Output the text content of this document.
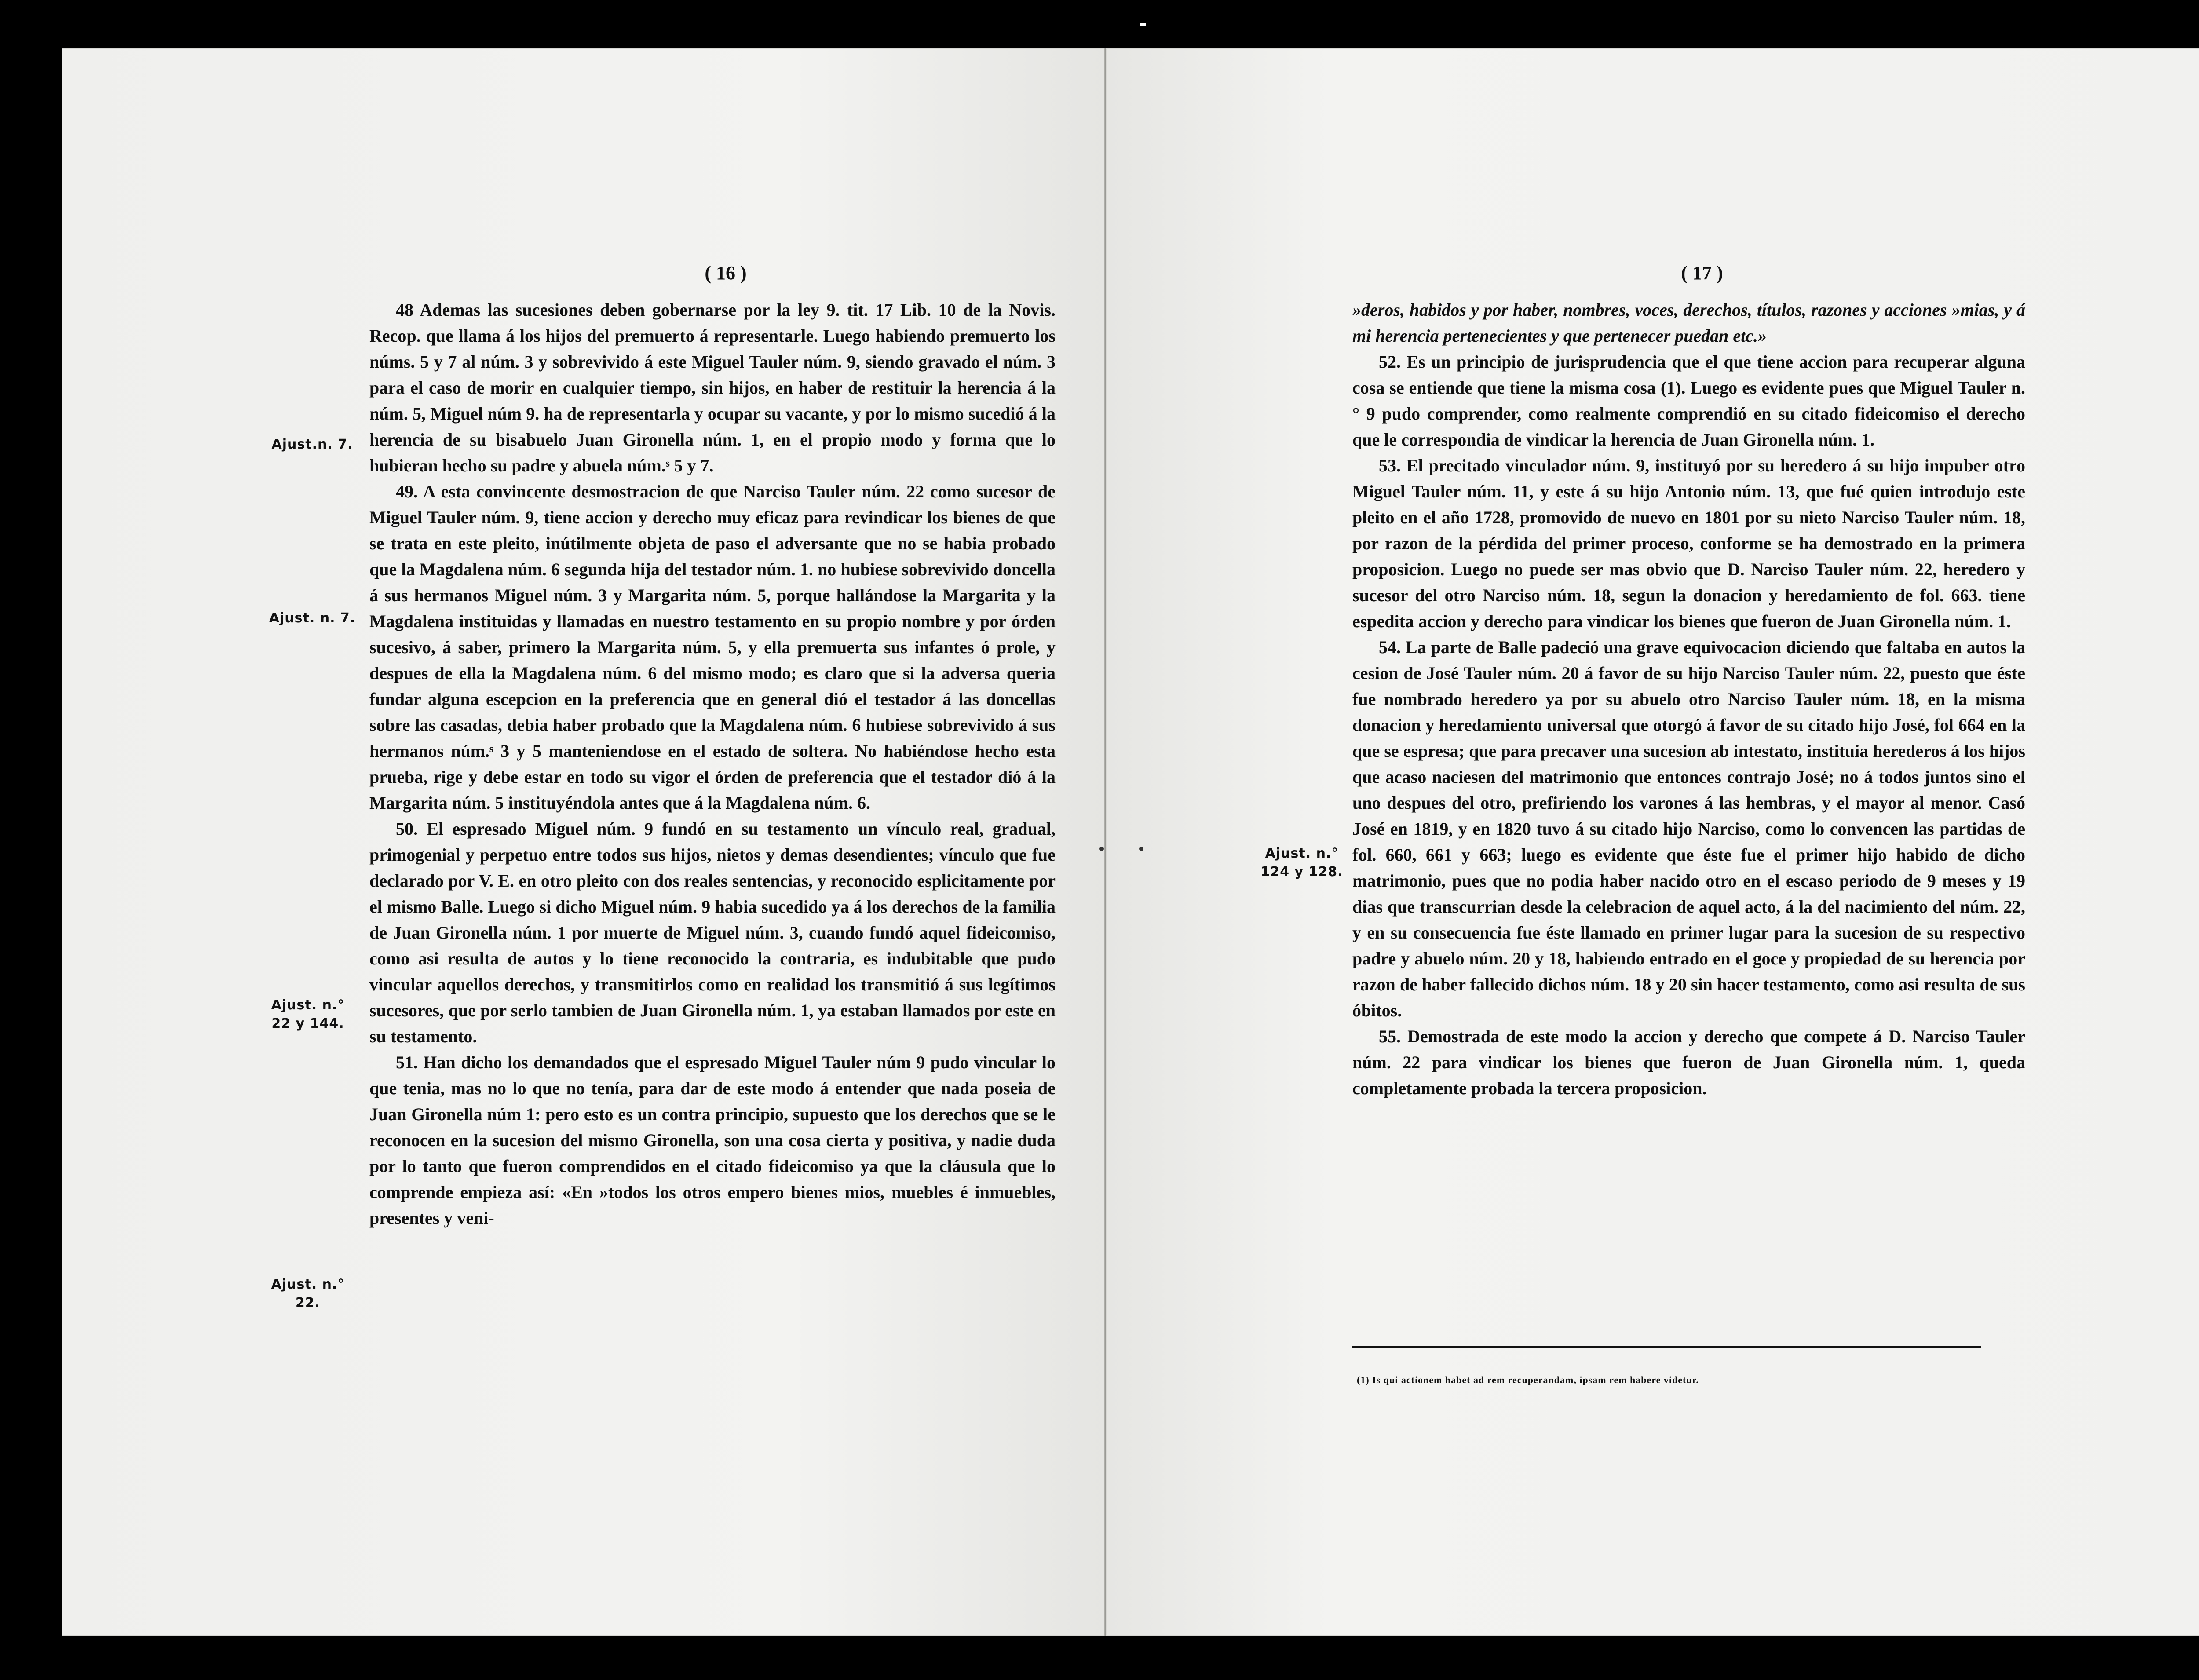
( 16 )
Ajust.n. 7.
Ajust. n. 7.
Ajust. n.°
22 y 144.
Ajust. n.°
22.

48 Ademas las sucesiones deben gobernarse por la ley 9. tit. 17 Lib. 10 de la Novis. Recop. que llama á los hijos del premuerto á representarle. Luego habiendo premuerto los núms. 5 y 7 al núm. 3 y sobrevivido á este Miguel Tauler núm. 9, siendo gravado el núm. 3 para el caso de morir en cualquier tiempo, sin hijos, en haber de restituir la herencia á la núm. 5, Miguel núm 9. ha de representarla y ocupar su vacante, y por lo mismo sucedió á la herencia de su bisabuelo Juan Gironella núm. 1, en el propio modo y forma que lo hubieran hecho su padre y abuela núm.ˢ 5 y 7.

49. A esta convincente desmostracion de que Narciso Tauler núm. 22 como sucesor de Miguel Tauler núm. 9, tiene accion y derecho muy eficaz para revindicar los bienes de que se trata en este pleito, inútilmente objeta de paso el adversante que no se habia probado que la Magdalena núm. 6 segunda hija del testador núm. 1. no hubiese sobrevivido doncella á sus hermanos Miguel núm. 3 y Margarita núm. 5, porque hallándose la Margarita y la Magdalena instituidas y llamadas en nuestro testamento en su propio nombre y por órden sucesivo, á saber, primero la Margarita núm. 5, y ella premuerta sus infantes ó prole, y despues de ella la Magdalena núm. 6 del mismo modo; es claro que si la adversa queria fundar alguna escepcion en la preferencia que en general dió el testador á las doncellas sobre las casadas, debia haber probado que la Magdalena núm. 6 hubiese sobrevivido á sus hermanos núm.ˢ 3 y 5 manteniendose en el estado de soltera. No habiéndose hecho esta prueba, rige y debe estar en todo su vigor el órden de preferencia que el testador dió á la Margarita núm. 5 instituyéndola antes que á la Magdalena núm. 6.

50. El espresado Miguel núm. 9 fundó en su testamento un vínculo real, gradual, primogenial y perpetuo entre todos sus hijos, nietos y demas desendientes; vínculo que fue declarado por V. E. en otro pleito con dos reales sentencias, y reconocido esplicitamente por el mismo Balle. Luego si dicho Miguel núm. 9 habia sucedido ya á los derechos de la familia de Juan Gironella núm. 1 por muerte de Miguel núm. 3, cuando fundó aquel fideicomiso, como asi resulta de autos y lo tiene reconocido la contraria, es indubitable que pudo vincular aquellos derechos, y transmitirlos como en realidad los transmitió á sus legítimos sucesores, que por serlo tambien de Juan Gironella núm. 1, ya estaban llamados por este en su testamento.

51. Han dicho los demandados que el espresado Miguel Tauler núm 9 pudo vincular lo que tenia, mas no lo que no tenía, para dar de este modo á entender que nada poseia de Juan Gironella núm 1: pero esto es un contra principio, supuesto que los derechos que se le reconocen en la sucesion del mismo Gironella, son una cosa cierta y positiva, y nadie duda por lo tanto que fueron comprendidos en el citado fideicomiso ya que la cláusula que lo comprende empieza así: «En »todos los otros empero bienes mios, muebles é inmuebles, presentes y veni-

( 17 )
Ajust. n.°
124 y 128.

»deros, habidos y por haber, nombres, voces, derechos, títulos, razones y acciones »mias, y á mi herencia pertenecientes y que pertenecer puedan etc.»

52. Es un principio de jurisprudencia que el que tiene accion para recuperar alguna cosa se entiende que tiene la misma cosa (1). Luego es evidente pues que Miguel Tauler n.° 9 pudo comprender, como realmente comprendió en su citado fideicomiso el derecho que le correspondia de vindicar la herencia de Juan Gironella núm. 1.

53. El precitado vinculador núm. 9, instituyó por su heredero á su hijo impuber otro Miguel Tauler núm. 11, y este á su hijo Antonio núm. 13, que fué quien introdujo este pleito en el año 1728, promovido de nuevo en 1801 por su nieto Narciso Tauler núm. 18, por razon de la pérdida del primer proceso, conforme se ha demostrado en la primera proposicion. Luego no puede ser mas obvio que D. Narciso Tauler núm. 22, heredero y sucesor del otro Narciso núm. 18, segun la donacion y heredamiento de fol. 663. tiene espedita accion y derecho para vindicar los bienes que fueron de Juan Gironella núm. 1.

54. La parte de Balle padeció una grave equivocacion diciendo que faltaba en autos la cesion de José Tauler núm. 20 á favor de su hijo Narciso Tauler núm. 22, puesto que éste fue nombrado heredero ya por su abuelo otro Narciso Tauler núm. 18, en la misma donacion y heredamiento universal que otorgó á favor de su citado hijo José, fol 664 en la que se espresa; que para precaver una sucesion ab intestato, instituia herederos á los hijos que acaso naciesen del matrimonio que entonces contrajo José; no á todos juntos sino el uno despues del otro, prefiriendo los varones á las hembras, y el mayor al menor. Casó José en 1819, y en 1820 tuvo á su citado hijo Narciso, como lo convencen las partidas de fol. 660, 661 y 663; luego es evidente que éste fue el primer hijo habido de dicho matrimonio, pues que no podia haber nacido otro en el escaso periodo de 9 meses y 19 dias que transcurrian desde la celebracion de aquel acto, á la del nacimiento del núm. 22, y en su consecuencia fue éste llamado en primer lugar para la sucesion de su respectivo padre y abuelo núm. 20 y 18, habiendo entrado en el goce y propiedad de su herencia por razon de haber fallecido dichos núm. 18 y 20 sin hacer testamento, como asi resulta de sus óbitos.

55. Demostrada de este modo la accion y derecho que compete á D. Narciso Tauler núm. 22 para vindicar los bienes que fueron de Juan Gironella núm. 1, queda completamente probada la tercera proposicion.

(1) Is qui actionem habet ad rem recuperandam, ipsam rem habere videtur.
